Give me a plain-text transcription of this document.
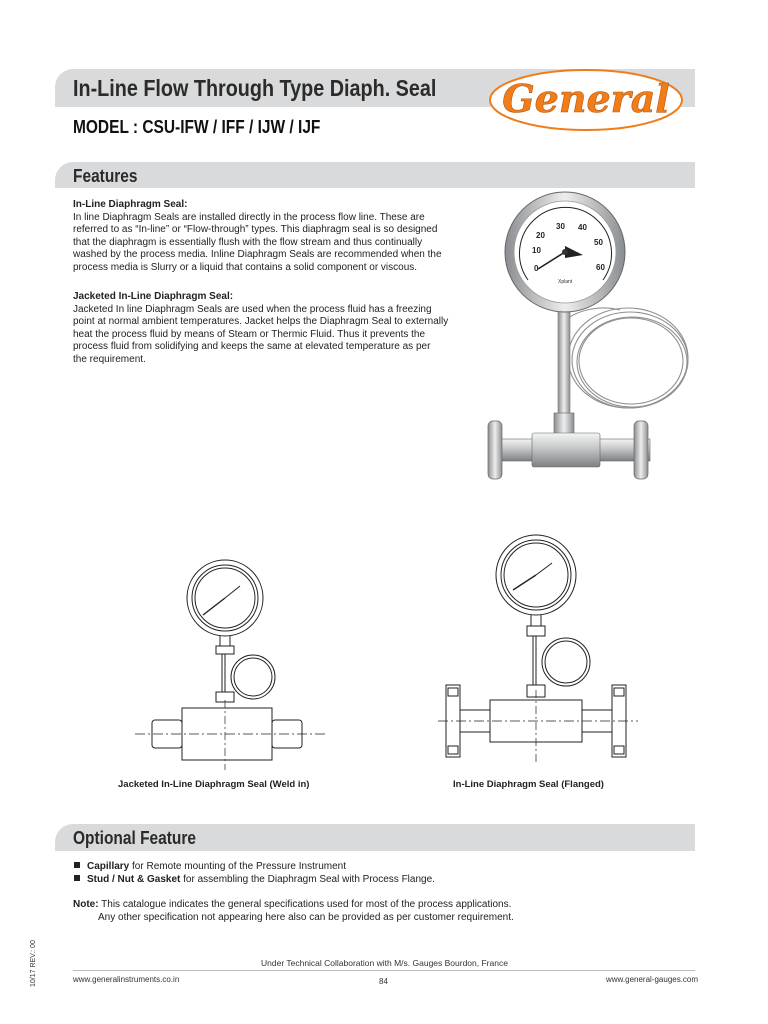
In-Line Flow Through Type Diaph. Seal
MODEL : CSU-IFW / IFF / IJW / IJF
General
Features
In-Line Diaphragm Seal:
In line Diaphragm Seals are installed directly in the process flow line. These are
referred to as “In-line” or “Flow-through” types. This diaphragm seal is so designed
that the diaphragm is essentially flush with the flow stream and thus continually
washed by the process media. Inline Diaphragm Seals are recommended when the
process media is Slurry or a liquid that contains a solid component or viscous.
Jacketed In-Line Diaphragm Seal:
Jacketed In line Diaphragm Seals are used when the process fluid has a freezing
point at normal ambient temperatures. Jacket helps the Diaphragm Seal to externally
heat the process fluid by means of Steam or Thermic Fluid. Thus it prevents the
process fluid from solidifying and keeps the same at elevated temperature as per
the requirement.
0
10
20
30 40
50
60
Xplant
Jacketed In-Line Diaphragm Seal (Weld in)	In-Line Diaphragm Seal (Flanged)
Optional Feature
Capillary for Remote mounting of the Pressure Instrument
Stud / Nut & Gasket for assembling the Diaphragm Seal with Process Flange.
Note: This catalogue indicates the general specifications used for most of the process applications.
Any other specification not appearing here also can be provided as per customer requirement.
Under Technical Collaboration with M/s. Gauges Bourdon, France
www.generalinstruments.co.in	84	www.general-gauges.com
10/17 REV.: 00
